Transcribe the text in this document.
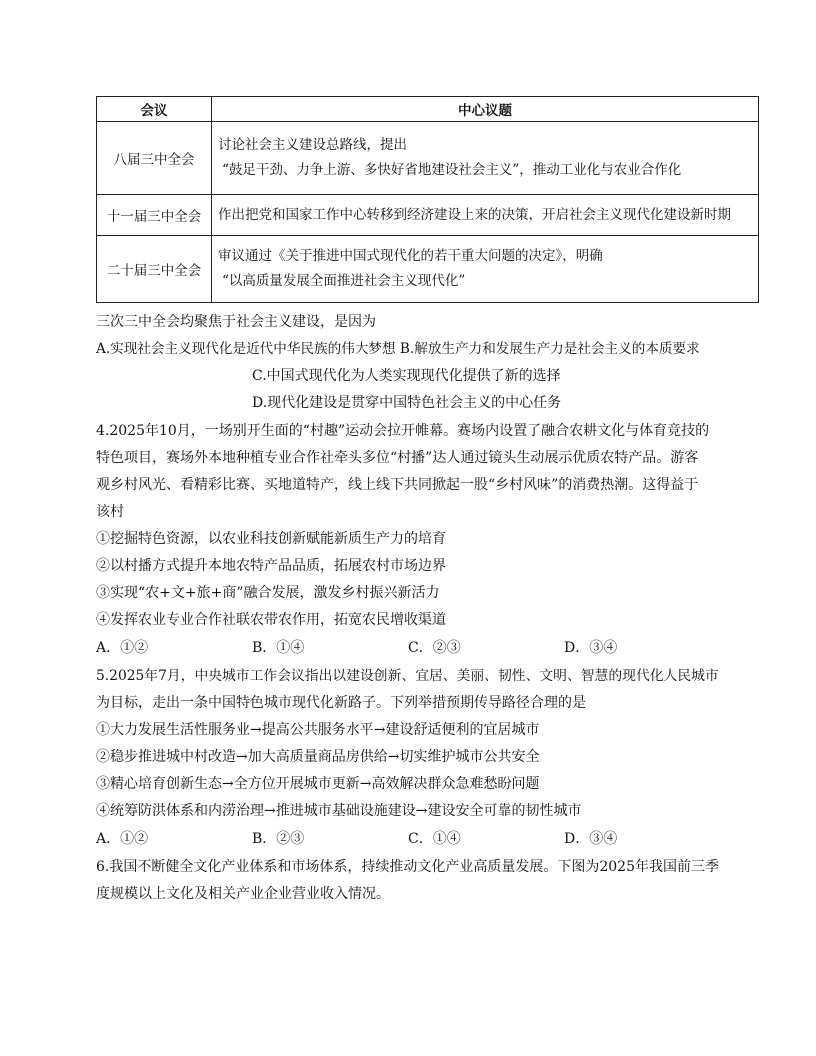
会议	中心议题
八届三中全会	讨论社会主义建设总路线，提出
“鼓足干劲、力争上游、多快好省地建设社会主义”，推动工业化与农业合作化

十一届三中全会	作出把党和国家工作中心转移到经济建设上来的决策，开启社会主义现代化建设新时期

二十届三中全会	审议通过《关于推进中国式现代化的若干重大问题的决定》，明确
“以高质量发展全面推进社会主义现代化”
三次三中全会均聚焦于社会主义建设，是因为
A.实现社会主义现代化是近代中华民族的伟大梦想 B.解放生产力和发展生产力是社会主义的本质要求
C.中国式现代化为人类实现现代化提供了新的选择
D.现代化建设是贯穿中国特色社会主义的中心任务
4.2025年10月，一场别开生面的“村趣”运动会拉开帷幕。赛场内设置了融合农耕文化与体育竞技的
特色项目，赛场外本地种植专业合作社牵头多位“村播”达人通过镜头生动展示优质农特产品。游客
观乡村风光、看精彩比赛、买地道特产，线上线下共同掀起一股“乡村风味”的消费热潮。这得益于
该村
①挖掘特色资源，以农业科技创新赋能新质生产力的培育
②以村播方式提升本地农特产品品质，拓展农村市场边界
③实现“农+文+旅+商”融合发展，激发乡村振兴新活力
④发挥农业专业合作社联农带农作用，拓宽农民增收渠道
A．①②	B．①④	C．②③	D．③④
5.2025年7月，中央城市工作会议指出以建设创新、宜居、美丽、韧性、文明、智慧的现代化人民城市
为目标，走出一条中国特色城市现代化新路子。下列举措预期传导路径合理的是
①大力发展生活性服务业→提高公共服务水平→建设舒适便利的宜居城市
②稳步推进城中村改造→加大高质量商品房供给→切实维护城市公共安全
③精心培育创新生态→全方位开展城市更新→高效解决群众急难愁盼问题
④统筹防洪体系和内涝治理→推进城市基础设施建设→建设安全可靠的韧性城市
A．①②	B．②③	C．①④	D．③④
6.我国不断健全文化产业体系和市场体系，持续推动文化产业高质量发展。下图为2025年我国前三季
度规模以上文化及相关产业企业营业收入情况。
